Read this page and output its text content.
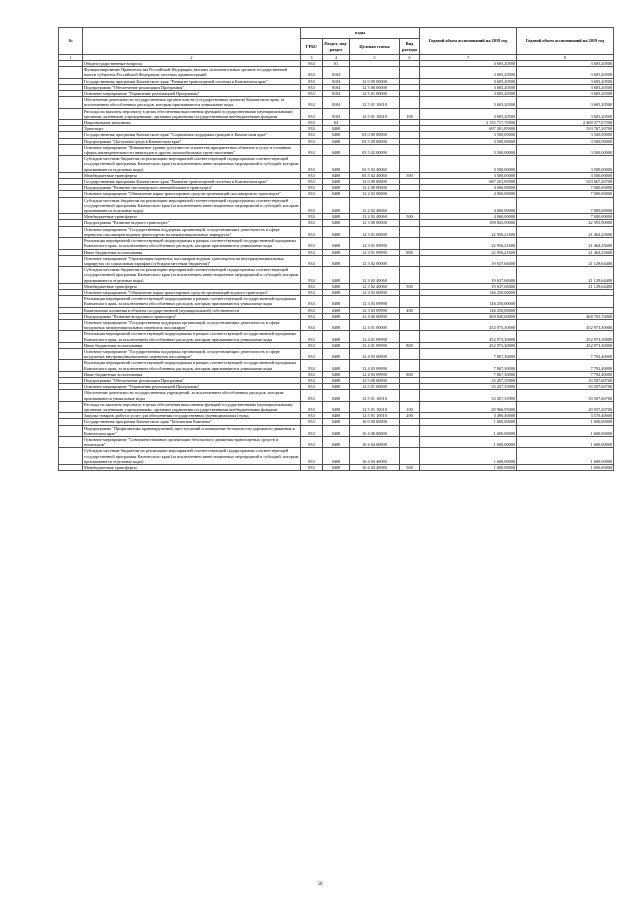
№		коды				Годовой объем ассигнований на 2018 год	Годовой объем ассигнований на 2019 год
		ГРБС	Раздел, под-раздел	Целевая статья	Вид расхода		
1	2	3	4	5	6	7	8
	Общегосударственные вопросы	833	01			3 605,20500	3 605,20500
	Функционирование Правительства Российской Федерации, высших исполнительных органов государственной власти субъектов Российской Федерации, местных администраций	833	0104			3 605,20500	3 605,20500
	Государственная программа Камчатского края "Развитие транспортной системы в Камчатском крае"	833	0104	12 0 00 00000		3 605,20500	3 605,20500
	Подпрограмма "Обеспечение реализации Программы"	833	0104	12 5 00 00000		3 605,20500	3 605,20500
	Основное мероприятие "Управление реализацией Программы"	833	0104	12 5 01 00000		3 605,20500	3 605,20500
	Обеспечение деятельности государственных органов власти (государственных органов) Камчатского края, за исключением обособленных расходов, которым присваиваются уникальные коды	833	0104	12 5 01 10010		3 605,20500	3 605,20500
	Расходы на выплаты персоналу в целях обеспечения выполнения функций государственными (муниципальными) органами, казенными учреждениями, органами управления государственными внебюджетными фондами	833	0104	12 5 01 10010	100	3 605,20500	3 605,20500
	Национальная экономика	833	04			2 155 717,76500	2 469 377,07500
	Транспорт	833	0408			697 301,85900	553 767,20700
	Государственная программа Камчатского края "Социальная поддержка граждан в Камчатском крае"	833	0408	03 0 00 00000		3 500,00000	3 500,00000
	Подпрограмма "Доступная среда в Камчатском крае"	833	0408	03 5 00 00000		3 500,00000	3 500,00000
	Основное мероприятие "Повышение уровня доступности и качества приоритетных объектов и услуг в основных сферах жизнедеятельности инвалидов и других маломобильных групп населения"	833	0408	03 5 02 00000		3 500,00000	3 500,00000
	Субсидии местным бюджетам на реализацию мероприятий соответствующей подпрограммы соответствующей государственной программы Камчатского края (за исключением инвестиционных мероприятий и субсидий, которым присваиваются отдельные коды)	833	0408	03 5 02 40060		3 500,00000	3 500,00000
	Межбюджетные трансферты	833	0408	03 5 02 40060	500	3 500,00000	3 500,00000
	Государственная программа Камчатского края "Развитие транспортной системы в Камчатском крае"	833	0408	12 0 00 00000		687 201,85900	543 667,20700
	Подпрограмма "Развитие пассажирского автомобильного транспорта"	833	0408	12 2 00 00000		4 060,00000	7 000,00000
	Основное мероприятие "Обновление парка транспортных средств организаций пассажирского транспорта"	833	0408	12 2 02 00000		4 060,00000	7 000,00000
	Субсидии местным бюджетам на реализацию мероприятий соответствующей подпрограммы соответствующей государственной программы Камчатского края (за исключением инвестиционных мероприятий и субсидий, которым присваиваются отдельные коды)	833	0408	12 2 02 40060		4 060,00000	7 000,00000
	Межбюджетные трансферты	833	0408	12 2 02 40060	500	4 060,00000	7 000,00000
	Подпрограмма "Развитие водного транспорта"	833	0408	12 3 00 00000		188 843,90000	42 593,90000
	Основное мероприятие "Государственная поддержка организаций, осуществляющих деятельность в сфере перевозок пассажиров водным транспортом на межмуниципальных маршрутах"	833	0408	12 3 01 00000		22 956,21600	21 464,25600
	Реализация мероприятий соответствующей подпрограммы в рамках соответствующей государственной программы Камчатского края, за исключением обособленных расходов, которым присваиваются уникальные коды	833	0408	12 3 01 09990		22 956,21600	21 464,25600
	Иные бюджетные ассигнования	833	0408	12 3 01 09990	800	22 956,21600	21 464,25600
	Основное мероприятие "Организация перевозок пассажиров водным транспортом на внутримуниципальных маршрутах по социальным тарифам (субсидии местным бюджетам)"	833	0408	12 3 02 00000		19 637,68400	21 129,64400
	Субсидии местным бюджетам на реализацию мероприятий соответствующей подпрограммы соответствующей государственной программы Камчатского края (за исключением инвестиционных мероприятий и субсидий, которым присваиваются отдельные коды)	833	0408	12 3 02 40060		19 637,68400	21 129,64400
	Межбюджетные трансферты	833	0408	12 3 02 40060	500	19 637,68400	21 129,64400
	Основное мероприятие "Обновление парка транспортных средств организаций водного транспорта"	833	0408	12 3 03 00000		146 250,00000	
	Реализация мероприятий соответствующей подпрограммы в рамках соответствующей государственной программы Камчатского края, за исключением обособленных расходов, которым присваиваются уникальные коды	833	0408	12 3 03 09990		146 250,00000	
	Капитальные вложения в объекты государственной (муниципальной) собственности	833	0408	12 3 03 09990	400	146 250,00000	
	Подпрограмма "Развитие воздушного транспорта"	833	0408	12 4 00 00000		460 840,60000	460 765,70000
	Основное мероприятие "Государственная поддержка организаций, осуществляющих деятельность в сфере воздушных межмуниципальных перевозок пассажиров"	833	0408	12 4 01 00000		452 973,30000	452 973,30000
	Реализация мероприятий соответствующей подпрограммы в рамках соответствующей государственной программы Камчатского края, за исключением обособленных расходов, которым присваиваются уникальные коды	833	0408	12 4 01 09990		452 973,30000	452 973,30000
	Иные бюджетные ассигнования	833	0408	12 4 01 09990	800	452 973,30000	452 973,30000
	Основное мероприятие "Государственная поддержка организаций, осуществляющих деятельность в сфере воздушных внутримуниципальных перевозок пассажиров"	833	0408	12 4 03 00000		7 867,30000	7 792,40000
	Реализация мероприятий соответствующей подпрограммы в рамках соответствующей государственной программы Камчатского края, за исключением обособленных расходов, которым присваиваются уникальные коды	833	0408	12 4 03 09990		7 867,30000	7 792,40000
	Иные бюджетные ассигнования	833	0408	12 4 03 09990	800	7 867,30000	7 792,40000
	Подпрограмма "Обеспечение реализации Программы"	833	0408	12 5 00 00000		33 457,35900	33 507,60700
	Основное мероприятие "Управление реализацией Программы"	833	0408	12 5 01 00000		33 457,35900	33 507,60700
	Обеспечение деятельности государственных учреждений, за исключением обособленных расходов, которым присваиваются уникальные коды	833	0408	12 5 01 10010		33 457,35900	33 507,60700
	Расходы на выплаты персоналу в целях обеспечения выполнения функций государственными (муниципальными) органами, казенными учреждениями, органами управления государственными внебюджетными фондами	833	0408	12 5 01 10010	100	29 966,95900	29 937,20700
	Закупка товаров, работ и услуг для обеспечения государственных (муниципальных) нужд	833	0408	12 5 01 10010	200	3 490,40000	3 570,40000
	Государственная программа Камчатского края "Безопасная Камчатка"	833	0408	16 0 00 00000		1 600,00000	1 600,00000
	Подпрограмма "Профилактика правонарушений, преступлений и повышение безопасности дорожного движения в Камчатском крае"	833	0408	16 4 00 00000		1 600,00000	1 600,00000
	Основное мероприятие "Совершенствование организации безопасного движения транспортных средств и пешеходов"	833	0408	16 4 04 00000		1 600,00000	1 600,00000
	Субсидии местным бюджетам на реализацию мероприятий соответствующей подпрограммы соответствующей государственной программы Камчатского края (за исключением инвестиционных мероприятий и субсидий, которым присваиваются отдельные коды)	833	0408	16 4 04 40060		1 600,00000	1 600,00000
	Межбюджетные трансферты	833	0408	16 4 04 40060	500	1 600,00000	1 600,00000
50
